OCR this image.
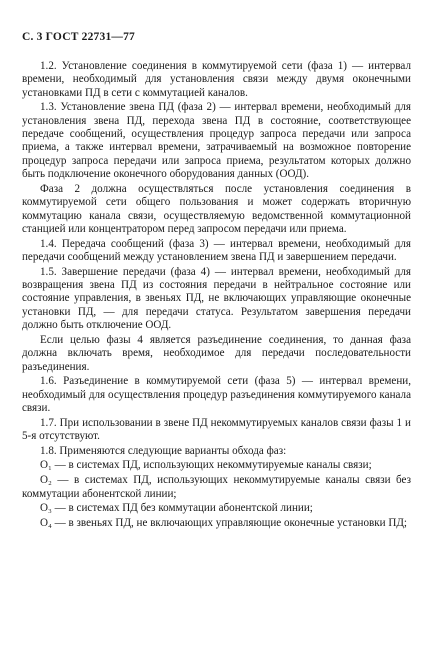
С. 3 ГОСТ 22731—77

1.2. Установление соединения в коммутируемой сети (фаза 1) — интервал времени, необходимый для установления связи между двумя оконечными установками ПД в сети с коммутацией каналов.

1.3. Установление звена ПД (фаза 2) — интервал времени, необходимый для установления звена ПД, перехода звена ПД в состояние, соответствующее передаче сообщений, осуществления процедур запроса передачи или запроса приема, а также интервал времени, затрачиваемый на возможное повторение процедур запроса передачи или запроса приема, результатом которых должно быть подключение оконечного оборудования данных (ООД).

Фаза 2 должна осуществляться после установления соединения в коммутируемой сети общего пользования и может содержать вторичную коммутацию канала связи, осуществляемую ведомственной коммутационной станцией или концентратором перед запросом передачи или приема.

1.4. Передача сообщений (фаза 3) — интервал времени, необходимый для передачи сообщений между установлением звена ПД и завершением передачи.

1.5. Завершение передачи (фаза 4) — интервал времени, необходимый для возвращения звена ПД из состояния передачи в нейтральное состояние или состояние управления, в звеньях ПД, не включающих управляющие оконечные установки ПД, — для передачи статуса. Результатом завершения передачи должно быть отключение ООД.

Если целью фазы 4 является разъединение соединения, то данная фаза должна включать время, необходимое для передачи последовательности разъединения.

1.6. Разъединение в коммутируемой сети (фаза 5) — интервал времени, необходимый для осуществления процедур разъединения коммутируемого канала связи.

1.7. При использовании в звене ПД некоммутируемых каналов связи фазы 1 и 5-я отсутствуют.

1.8. Применяются следующие варианты обхода фаз:

О₁ — в системах ПД, использующих некоммутируемые каналы связи;

О₂ — в системах ПД, использующих некоммутируемые каналы связи без коммутации абонентской линии;

О₃ — в системах ПД без коммутации абонентской линии;

О₄ — в звеньях ПД, не включающих управляющие оконечные установки ПД;
